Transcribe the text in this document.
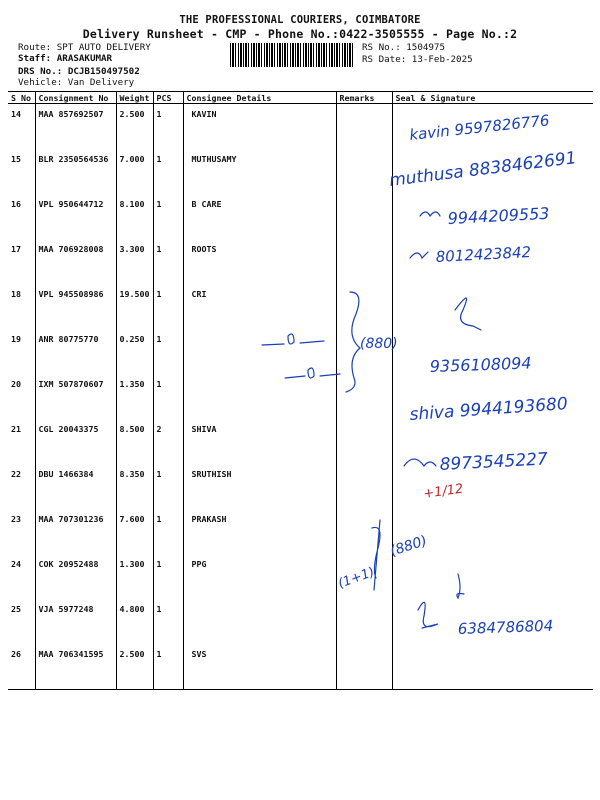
THE PROFESSIONAL COURIERS, COIMBATORE
Delivery Runsheet - CMP - Phone No.:0422-3505555 - Page No.:2
Route: SPT AUTO DELIVERY
Staff: ARASAKUMAR
DRS No.: DCJB150497502
Vehicle: Van Delivery
RS No.: 1504975
RS Date: 13-Feb-2025
S No	Consignment No	Weight	PCS	Consignee Details	Remarks	Seal & Signature
14	MAA 857692507	2.500	1	KAVIN		
15	BLR 2350564536	7.000	1	MUTHUSAMY		
16	VPL 950644712	8.100	1	B CARE		
17	MAA 706928008	3.300	1	ROOTS		
18	VPL 945508986	19.500	1	CRI		
19	ANR 80775770	0.250	1			
20	IXM 507870607	1.350	1			
21	CGL 20043375	8.500	2	SHIVA		
22	DBU 1466384	8.350	1	SRUTHISH		
23	MAA 707301236	7.600	1	PRAKASH		
24	COK 20952488	1.300	1	PPG		
25	VJA 5977248	4.800	1			
26	MAA 706341595	2.500	1	SVS		
kavin 9597826776
muthusa 8838462691
9944209553
8012423842
(880)
9356108094
shiva 9944193680
8973545227
+1/12
(880)
(1+1)
6384786804
